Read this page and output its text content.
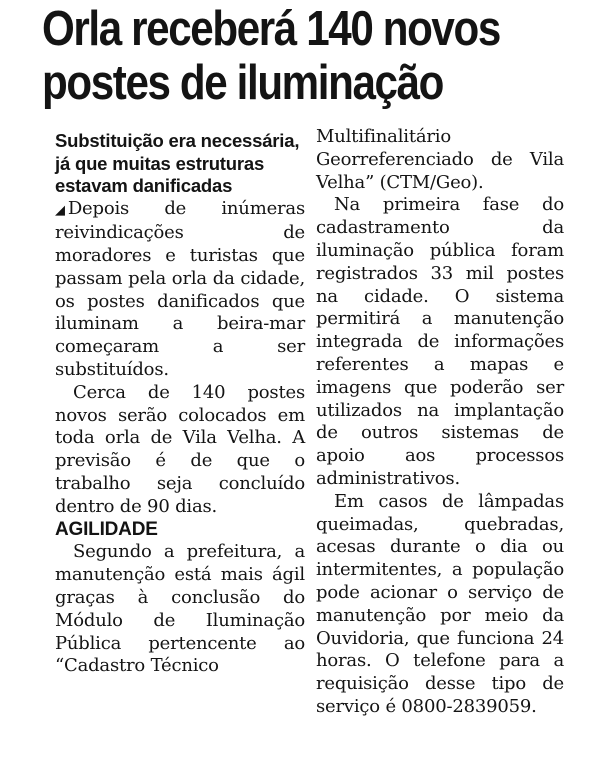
Orla receberá 140 novos
postes de iluminação

Substituição era necessária, já que muitas estruturas estavam danificadas

◢ Depois de inúmeras reivindicações de moradores e turistas que passam pela orla da cidade, os postes danificados que iluminam a beira-mar começaram a ser substituídos.

Cerca de 140 postes novos serão colocados em toda orla de Vila Velha. A previsão é de que o trabalho seja concluído dentro de 90 dias.

AGILIDADE

Segundo a prefeitura, a manutenção está mais ágil graças à conclusão do Módulo de Iluminação Pública pertencente ao “Cadastro Técnico

Multifinalitário Georreferenciado de Vila Velha” (CTM/Geo).

Na primeira fase do cadastramento da iluminação pública foram registrados 33 mil postes na cidade. O sistema permitirá a manutenção integrada de informações referentes a mapas e imagens que poderão ser utilizados na implantação de outros sistemas de apoio aos processos administrativos.

Em casos de lâmpadas queimadas, quebradas, acesas durante o dia ou intermitentes, a população pode acionar o serviço de manutenção por meio da Ouvidoria, que funciona 24 horas. O telefone para a requisição desse tipo de serviço é 0800-2839059.
